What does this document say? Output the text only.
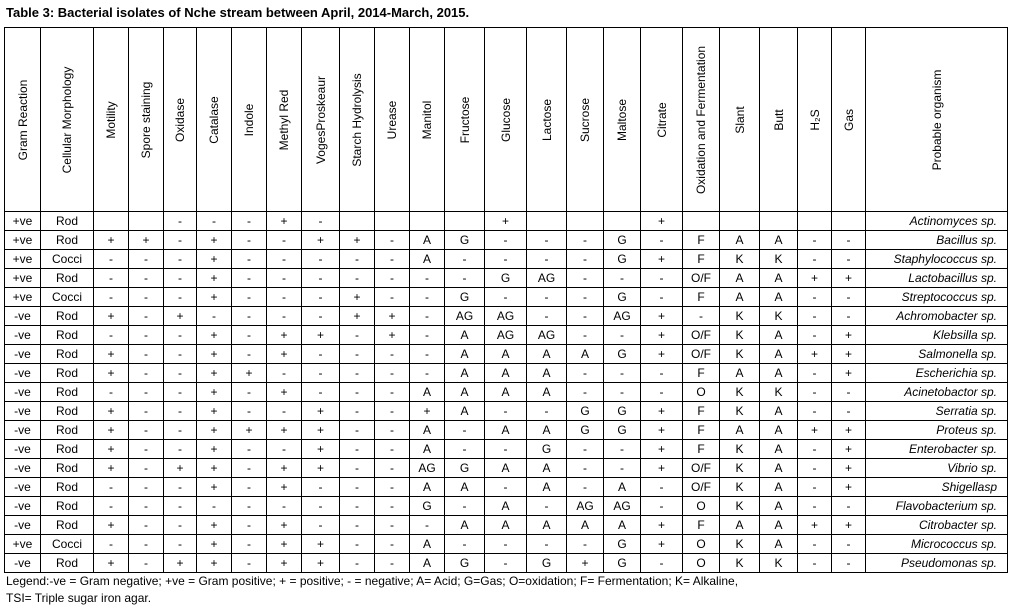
Table 3: Bacterial isolates of Nche stream between April, 2014-March, 2015.
Gram Reaction	Cellular Morphology	Motility	Spore staining	Oxidase	Catalase	Indole	Methyl Red	VogesProskeaur	Starch Hydrolysis	Urease	Manitol	Fructose	Glucose	Lactose	Sucrose	Maltose	Citrate	Oxidation and Fermentation	Slant	Butt	H₂S	Gas	Probable organism

+ve	Rod			-	-	-	+	-					+				+						Actinomyces sp.
+ve	Rod	+	+	-	+	-	-	+	+	-	A	G	-	-	-	G	-	F	A	A	-	-	Bacillus sp.
+ve	Cocci	-	-	-	+	-	-	-	-	-	A	-	-	-	-	G	+	F	K	K	-	-	Staphylococcus sp.
+ve	Rod	-	-	-	+	-	-	-	-	-	-	-	G	AG	-	-	-	O/F	A	A	+	+	Lactobacillus sp.
+ve	Cocci	-	-	-	+	-	-	-	+	-	-	G	-	-	-	G	-	F	A	A	-	-	Streptococcus sp.
-ve	Rod	+	-	+	-	-	-	-	+	+	-	AG	AG	-	-	AG	+	-	K	K	-	-	Achromobacter sp.
-ve	Rod	-	-	-	+	-	+	+	-	+	-	A	AG	AG	-	-	+	O/F	K	A	-	+	Klebsilla sp.
-ve	Rod	+	-	-	+	-	+	-	-	-	-	A	A	A	A	G	+	O/F	K	A	+	+	Salmonella sp.
-ve	Rod	+	-	-	+	+	-	-	-	-	-	A	A	A	-	-	-	F	A	A	-	+	Escherichia sp.
-ve	Rod	-	-	-	+	-	+	-	-	-	A	A	A	A	-	-	-	O	K	K	-	-	Acinetobactor sp.
-ve	Rod	+	-	-	+	-	-	+	-	-	+	A	-	-	G	G	+	F	K	A	-	-	Serratia sp.
-ve	Rod	+	-	-	+	+	+	+	-	-	A	-	A	A	G	G	+	F	A	A	+	+	Proteus sp.
-ve	Rod	+	-	-	+	-	-	+	-	-	A	-	-	G	-	-	+	F	K	A	-	+	Enterobacter sp.
-ve	Rod	+	-	+	+	-	+	+	-	-	AG	G	A	A	-	-	+	O/F	K	A	-	+	Vibrio sp.
-ve	Rod	-	-	-	+	-	+	-	-	-	A	A	-	A	-	A	-	O/F	K	A	-	+	Shigellasp
-ve	Rod	-	-	-	-	-	-	-	-	-	G	-	A	-	AG	AG	-	O	K	A	-	-	Flavobacterium sp.
-ve	Rod	+	-	-	+	-	+	-	-	-	-	A	A	A	A	A	+	F	A	A	+	+	Citrobacter sp.
+ve	Cocci	-	-	-	+	-	+	+	-	-	A	-	-	-	-	G	+	O	K	A	-	-	Micrococcus sp.
-ve	Rod	+	-	+	+	-	+	+	-	-	A	G	-	G	+	G	-	O	K	K	-	-	Pseudomonas sp.
Legend:-ve = Gram negative; +ve = Gram positive; + = positive; - = negative; A= Acid; G=Gas; O=oxidation; F= Fermentation; K= Alkaline,
TSI= Triple sugar iron agar.
